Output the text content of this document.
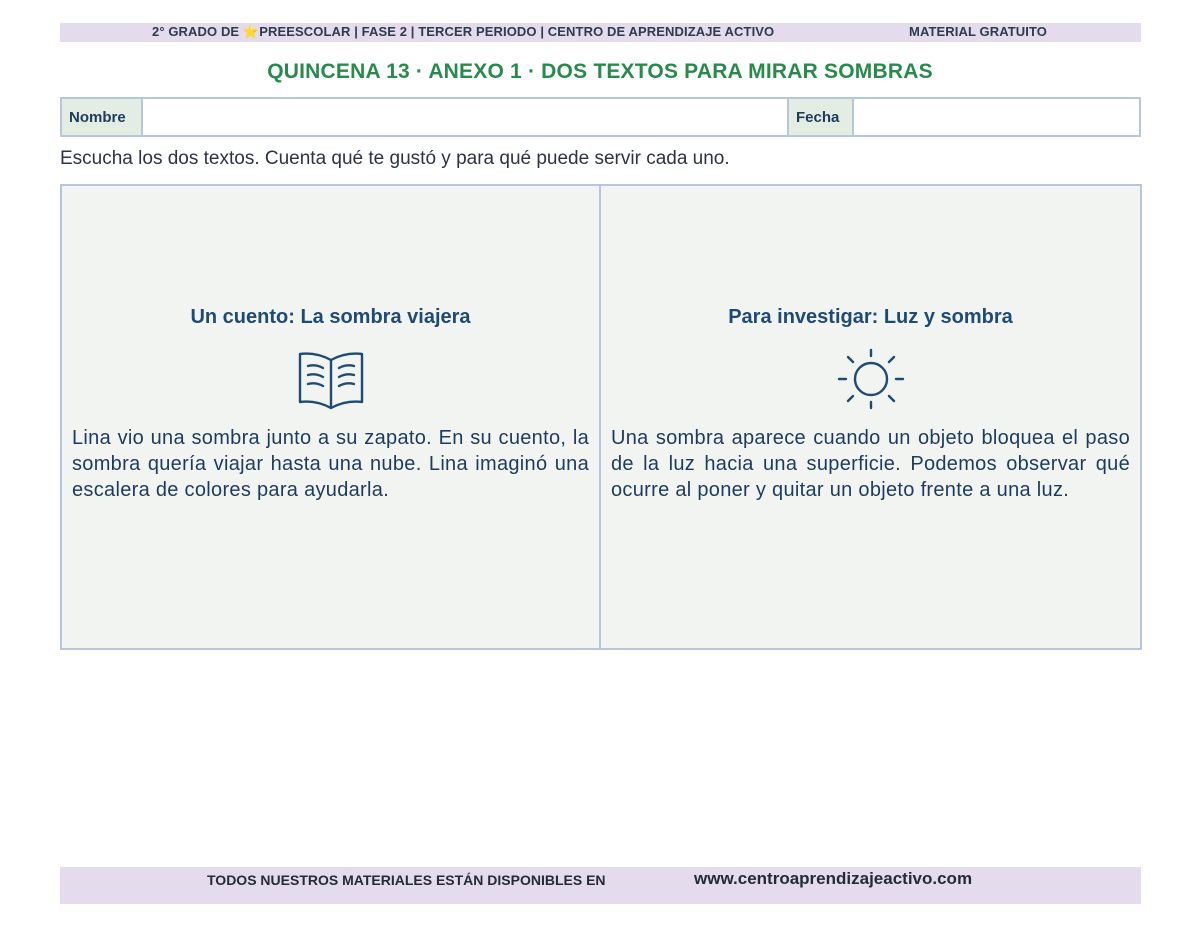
2° GRADO DE ⭐PREESCOLAR | FASE 2 | TERCER PERIODO | CENTRO DE APRENDIZAJE ACTIVO	MATERIAL GRATUITO
QUINCENA 13 · ANEXO 1 · DOS TEXTOS PARA MIRAR SOMBRAS
Nombre	Fecha
Escucha los dos textos. Cuenta qué te gustó y para qué puede servir cada uno.
Un cuento: La sombra viajera
Lina vio una sombra junto a su zapato. En su cuento, la sombra quería viajar hasta una nube. Lina imaginó una escalera de colores para ayudarla.
Para investigar: Luz y sombra
Una sombra aparece cuando un objeto bloquea el paso de la luz hacia una superficie. Podemos observar qué ocurre al poner y quitar un objeto frente a una luz.
TODOS NUESTROS MATERIALES ESTÁN DISPONIBLES EN	www.centroaprendizajeactivo.com
